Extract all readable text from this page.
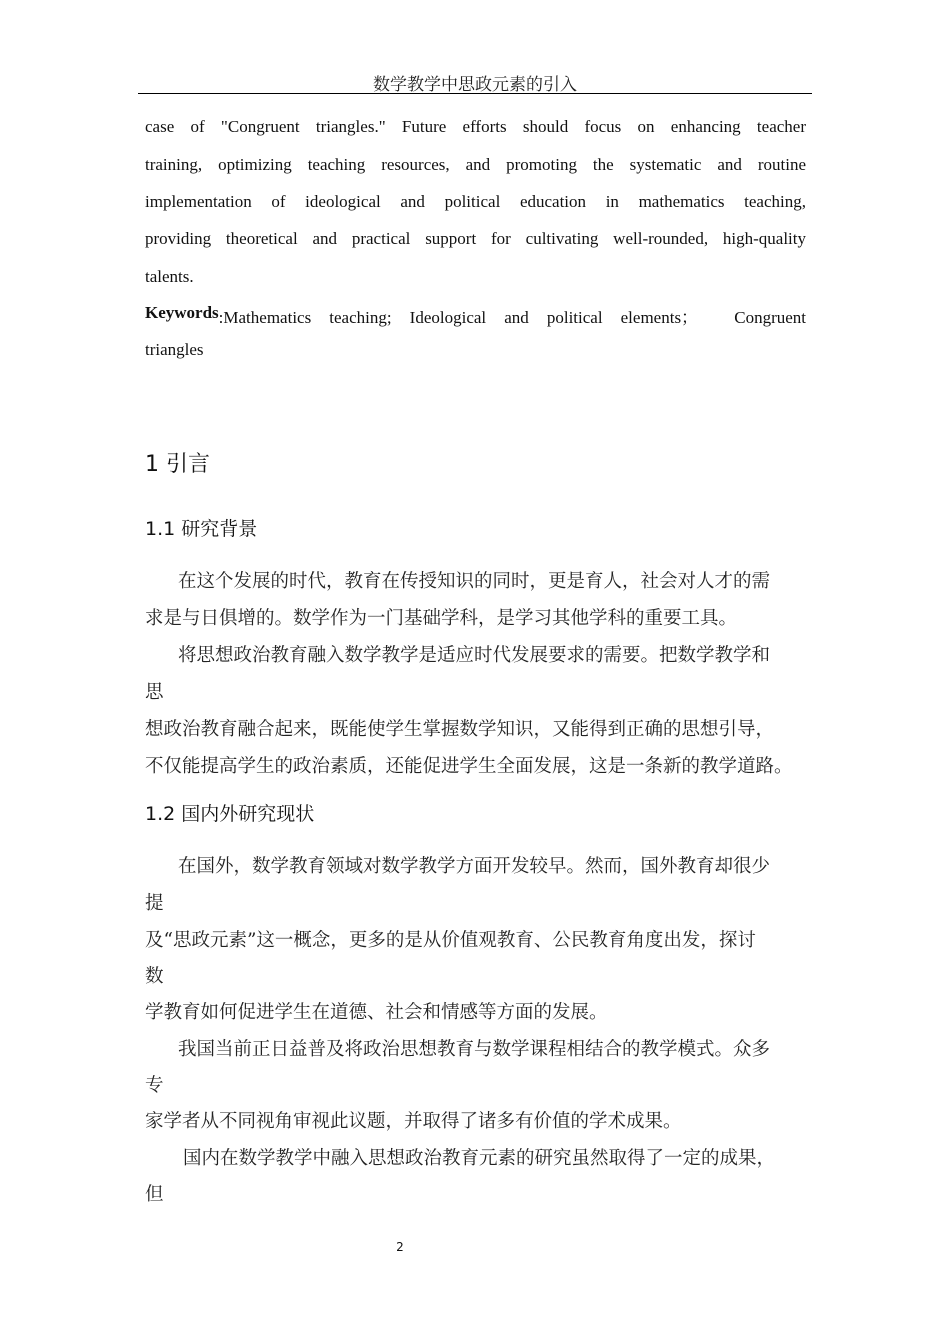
数学教学中思政元素的引入
case of "Congruent triangles." Future efforts should focus on enhancing teacher
training, optimizing teaching resources, and promoting the systematic and routine
implementation of ideological and political education in mathematics teaching,
providing theoretical and practical support for cultivating well-rounded, high-quality
talents.
Keywords :Mathematics teaching; Ideological and political elements；　Congruent
triangles
1 引言
1.1 研究背景
在这个发展的时代，教育在传授知识的同时，更是育人，社会对人才的需
求是与日俱增的。数学作为一门基础学科，是学习其他学科的重要工具。
将思想政治教育融入数学教学是适应时代发展要求的需要。把数学教学和
思
想政治教育融合起来，既能使学生掌握数学知识，又能得到正确的思想引导，
不仅能提高学生的政治素质，还能促进学生全面发展，这是一条新的教学道路。
1.2 国内外研究现状
在国外，数学教育领域对数学教学方面开发较早。然而，国外教育却很少
提
及“思政元素”这一概念，更多的是从价值观教育、公民教育角度出发，探讨
数
学教育如何促进学生在道德、社会和情感等方面的发展。
我国当前正日益普及将政治思想教育与数学课程相结合的教学模式。众多
专
家学者从不同视角审视此议题，并取得了诸多有价值的学术成果。
国内在数学教学中融入思想政治教育元素的研究虽然取得了一定的成果，
但
2
